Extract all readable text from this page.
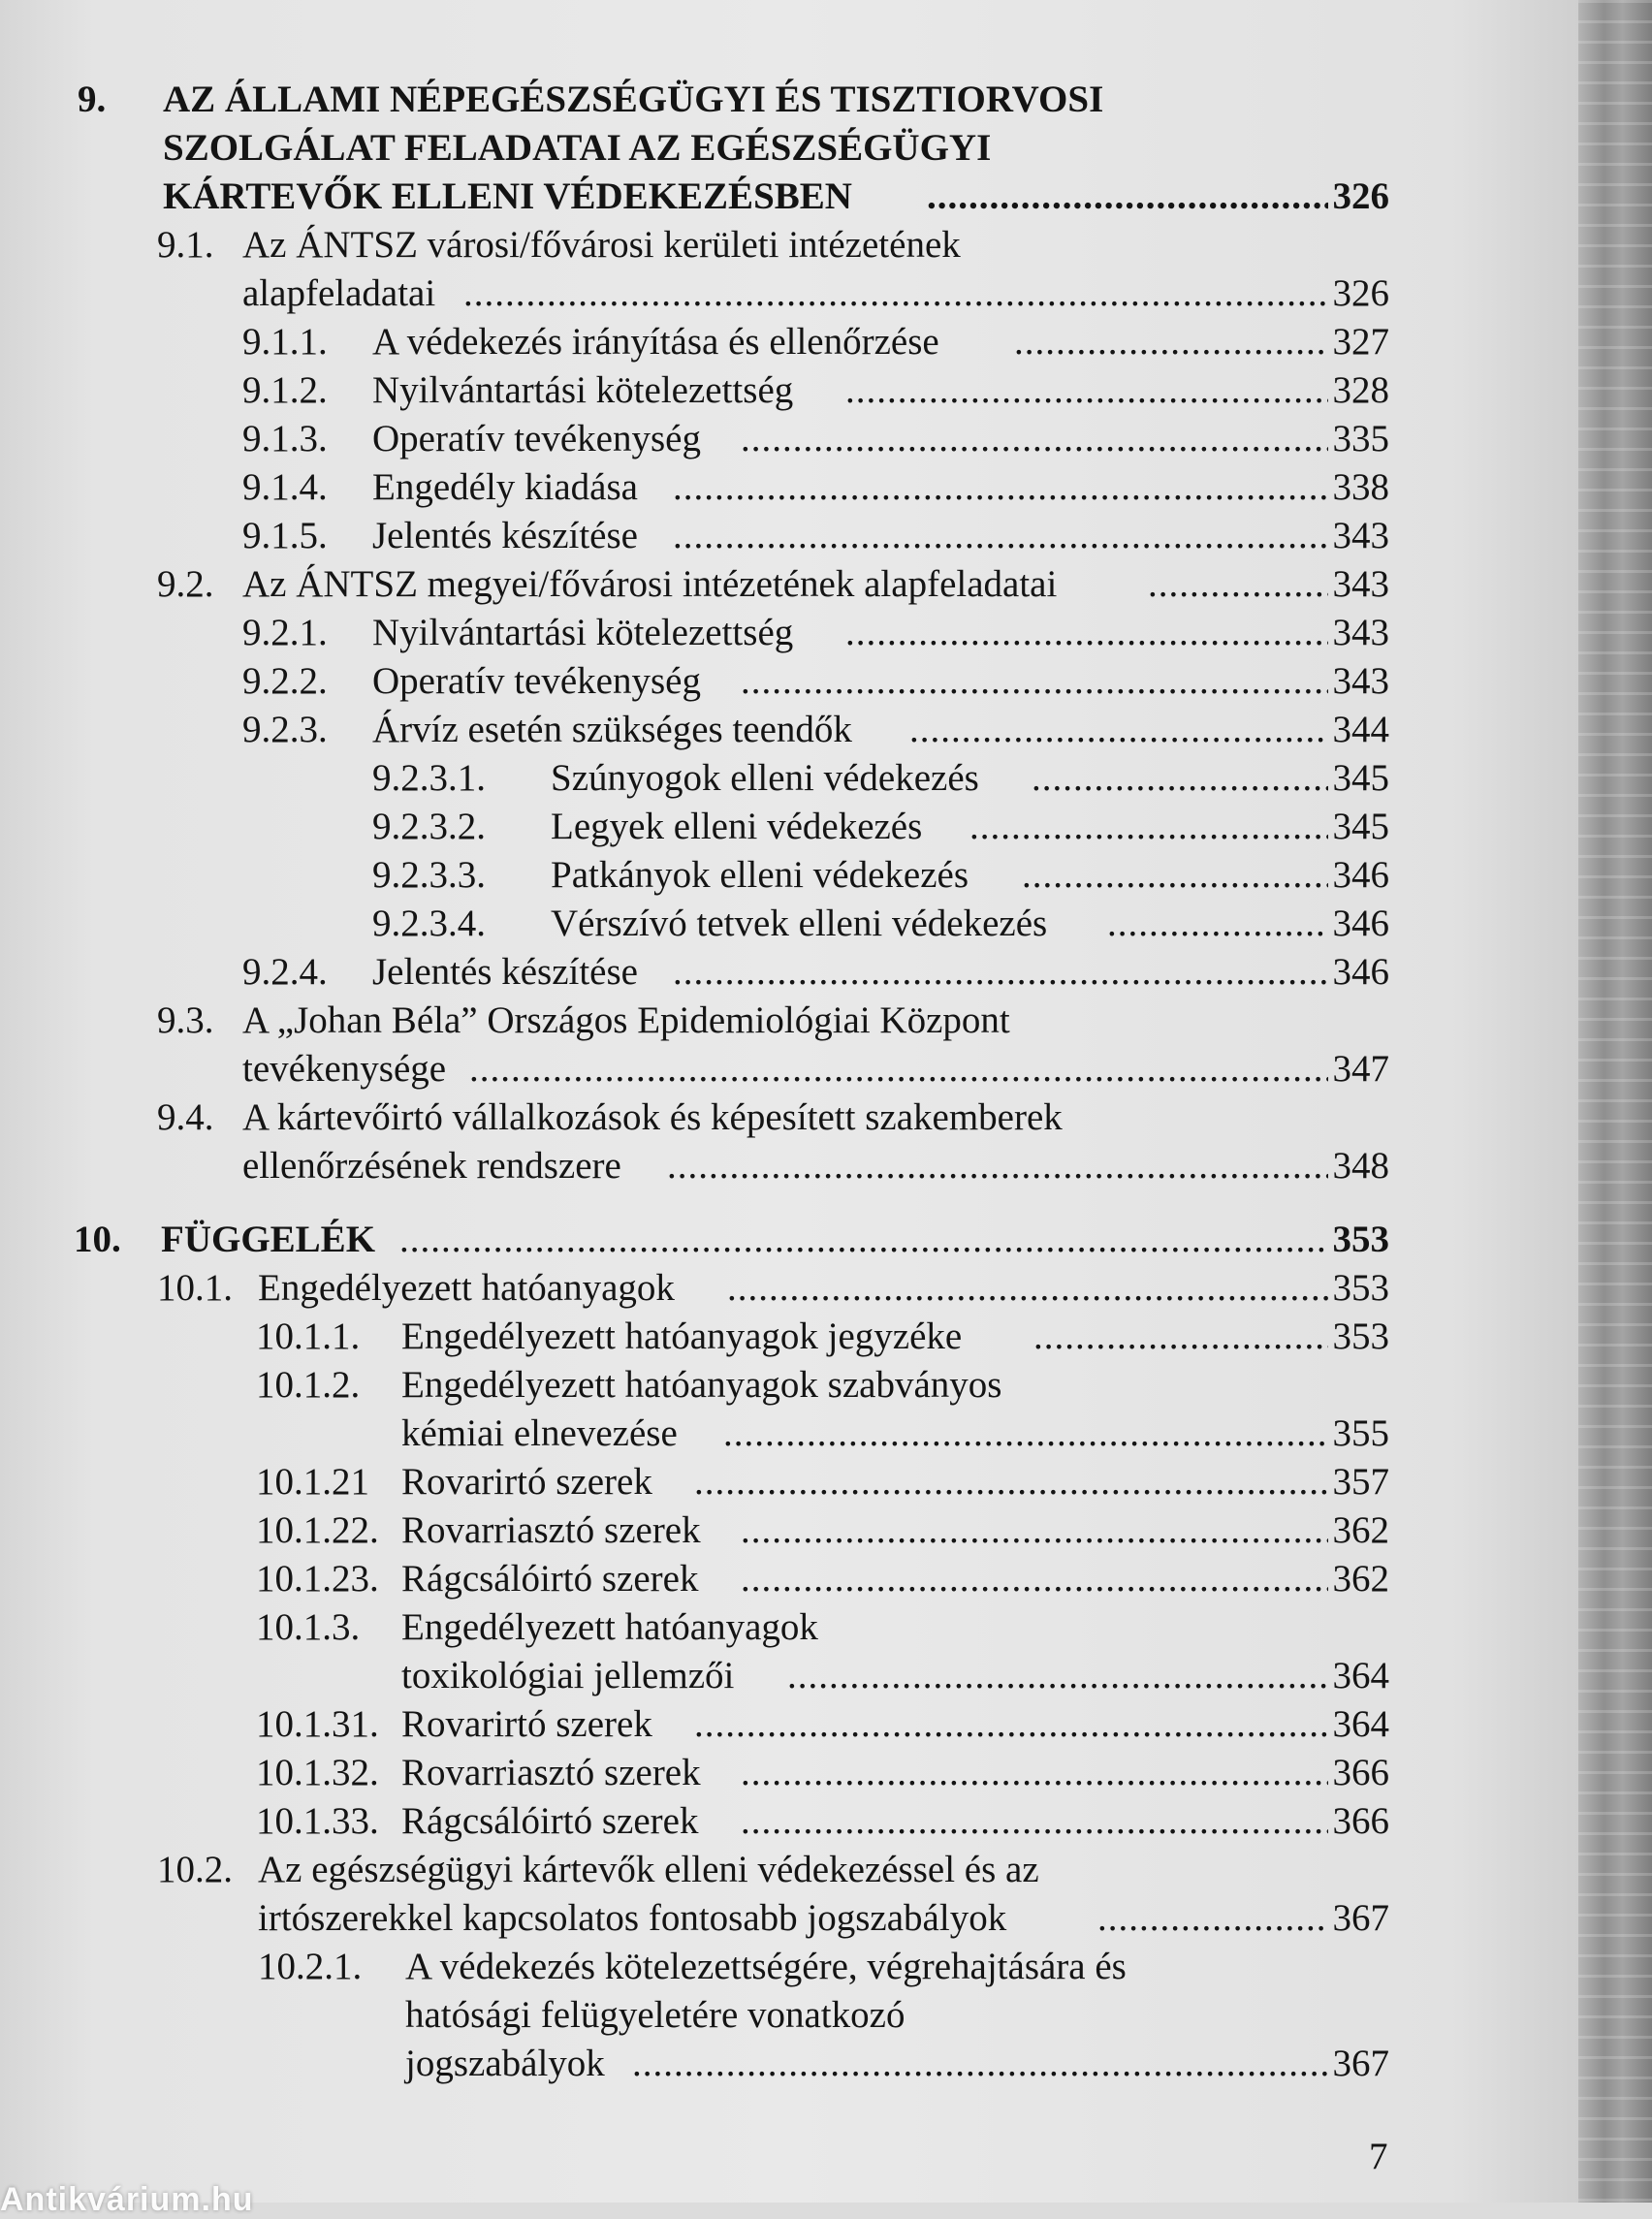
9. AZ ÁLLAMI NÉPEGÉSZSÉGÜGYI ÉS TISZTIORVOSI
SZOLGÁLAT FELADATAI AZ EGÉSZSÉGÜGYI
KÁRTEVŐK ELLENI VÉDEKEZÉSBEN .....	326
9.1. Az ÁNTSZ városi/fővárosi kerületi intézetének
alapfeladatai .....	326
9.1.1. A védekezés irányítása és ellenőrzése .....	327
9.1.2. Nyilvántartási kötelezettség .....	328
9.1.3. Operatív tevékenység .....	335
9.1.4. Engedély kiadása .....	338
9.1.5. Jelentés készítése .....	343
9.2. Az ÁNTSZ megyei/fővárosi intézetének alapfeladatai .....	343
9.2.1. Nyilvántartási kötelezettség .....	343
9.2.2. Operatív tevékenység .....	343
9.2.3. Árvíz esetén szükséges teendők .....	344
9.2.3.1. Szúnyogok elleni védekezés .....	345
9.2.3.2. Legyek elleni védekezés .....	345
9.2.3.3. Patkányok elleni védekezés .....	346
9.2.3.4. Vérszívó tetvek elleni védekezés .....	346
9.2.4. Jelentés készítése .....	346
9.3. A „Johan Béla” Országos Epidemiológiai Központ
tevékenysége .....	347
9.4. A kártevőirtó vállalkozások és képesített szakemberek
ellenőrzésének rendszere .....	348
10. FÜGGELÉK .....	353
10.1. Engedélyezett hatóanyagok .....	353
10.1.1. Engedélyezett hatóanyagok jegyzéke .....	353
10.1.2. Engedélyezett hatóanyagok szabványos
kémiai elnevezése .....	355
10.1.21 Rovarirtó szerek .....	357
10.1.22. Rovarriasztó szerek .....	362
10.1.23. Rágcsálóirtó szerek .....	362
10.1.3. Engedélyezett hatóanyagok
toxikológiai jellemzői .....	364
10.1.31. Rovarirtó szerek .....	364
10.1.32. Rovarriasztó szerek .....	366
10.1.33. Rágcsálóirtó szerek .....	366
10.2. Az egészségügyi kártevők elleni védekezéssel és az
irtószerekkel kapcsolatos fontosabb jogszabályok .....	367
10.2.1. A védekezés kötelezettségére, végrehajtására és
hatósági felügyeletére vonatkozó
jogszabályok .....	367
7
Antikvárium.hu
